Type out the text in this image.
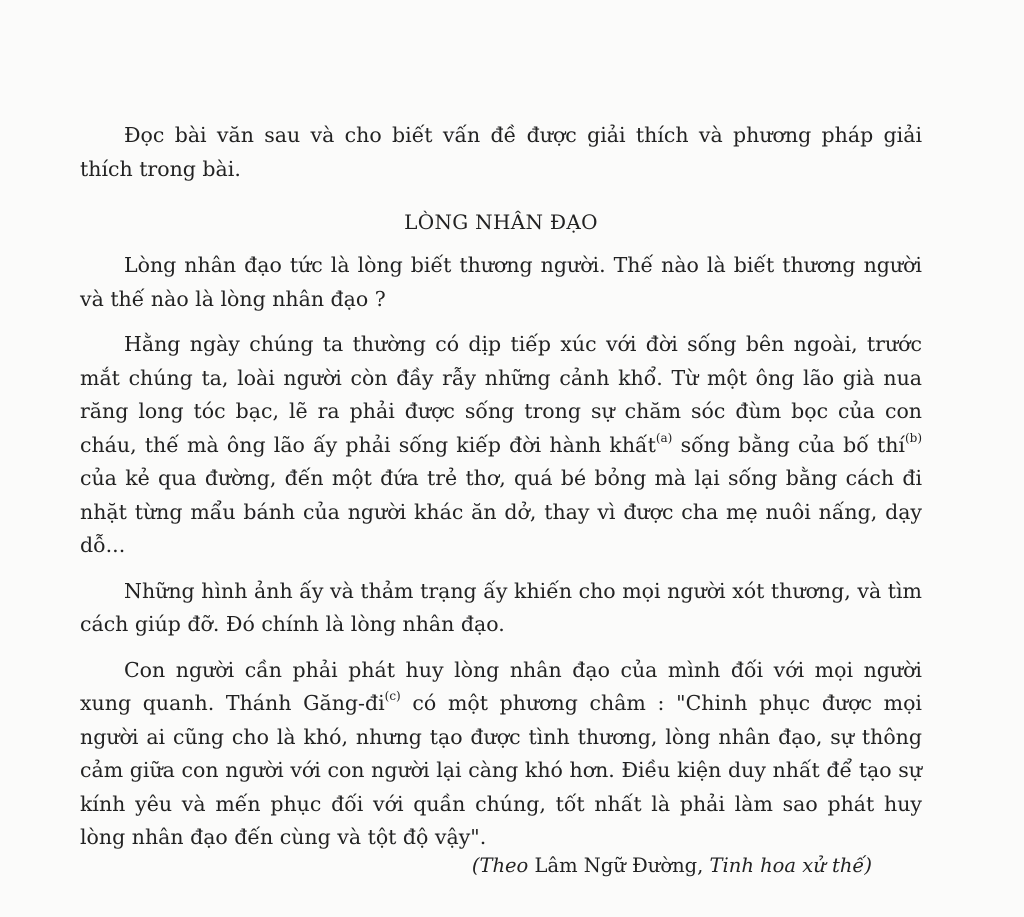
Đọc bài văn sau và cho biết vấn đề được giải thích và phương pháp giải thích trong bài.

LÒNG NHÂN ĐẠO

Lòng nhân đạo tức là lòng biết thương người. Thế nào là biết thương người và thế nào là lòng nhân đạo ?

Hằng ngày chúng ta thường có dịp tiếp xúc với đời sống bên ngoài, trước mắt chúng ta, loài người còn đầy rẫy những cảnh khổ. Từ một ông lão già nua răng long tóc bạc, lẽ ra phải được sống trong sự chăm sóc đùm bọc của con cháu, thế mà ông lão ấy phải sống kiếp đời hành khất$^{(a)}$ sống bằng của bố thí$^{(b)}$ của kẻ qua đường, đến một đứa trẻ thơ, quá bé bỏng mà lại sống bằng cách đi nhặt từng mẩu bánh của người khác ăn dở, thay vì được cha mẹ nuôi nấng, dạy dỗ...

Những hình ảnh ấy và thảm trạng ấy khiến cho mọi người xót thương, và tìm cách giúp đỡ. Đó chính là lòng nhân đạo.

Con người cần phải phát huy lòng nhân đạo của mình đối với mọi người xung quanh. Thánh Găng-$đi^{(c)}$ có một phương châm : "Chinh phục được mọi người ai cũng cho là khó, nhưng tạo được tình thương, lòng nhân đạo, sự thông cảm giữa con người với con người lại càng khó hơn. Điều kiện duy nhất để tạo sự kính yêu và mến phục đối với quần chúng, tốt nhất là phải làm sao phát huy lòng nhân đạo đến cùng và tột độ vậy".

(Theo Lâm Ngữ Đường, Tinh hoa xử thế)
